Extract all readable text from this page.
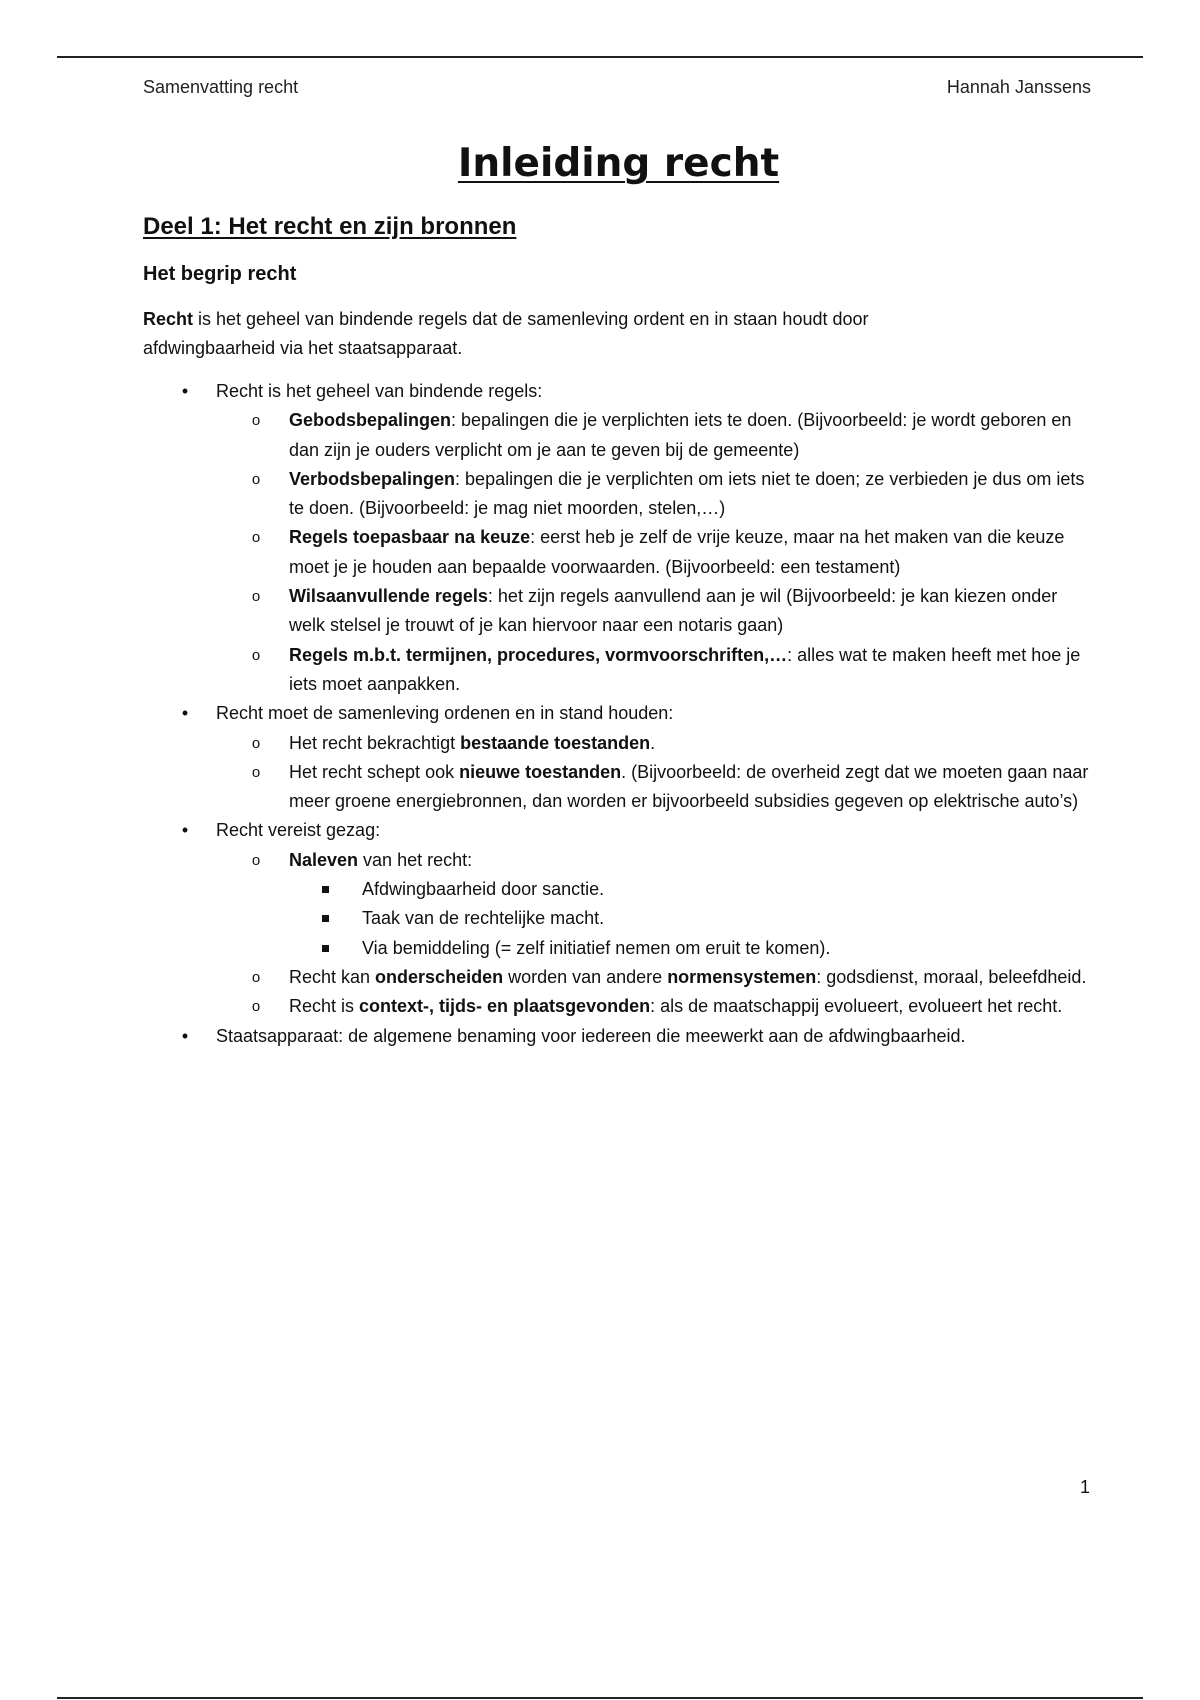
Samenvatting recht	Hannah Janssens
Inleiding recht
Deel 1: Het recht en zijn bronnen
Het begrip recht

Recht is het geheel van bindende regels dat de samenleving ordent en in staan houdt door afdwingbaarheid via het staatsapparaat.

• Recht is het geheel van bindende regels:
o Gebodsbepalingen: bepalingen die je verplichten iets te doen. (Bijvoorbeeld: je wordt geboren en dan zijn je ouders verplicht om je aan te geven bij de gemeente)
o Verbodsbepalingen: bepalingen die je verplichten om iets niet te doen; ze verbieden je dus om iets te doen. (Bijvoorbeeld: je mag niet moorden, stelen,…)
o Regels toepasbaar na keuze: eerst heb je zelf de vrije keuze, maar na het maken van die keuze moet je je houden aan bepaalde voorwaarden. (Bijvoorbeeld: een testament)
o Wilsaanvullende regels: het zijn regels aanvullend aan je wil (Bijvoorbeeld: je kan kiezen onder welk stelsel je trouwt of je kan hiervoor naar een notaris gaan)
o Regels m.b.t. termijnen, procedures, vormvoorschriften,…: alles wat te maken heeft met hoe je iets moet aanpakken.
• Recht moet de samenleving ordenen en in stand houden:
o Het recht bekrachtigt bestaande toestanden.
o Het recht schept ook nieuwe toestanden. (Bijvoorbeeld: de overheid zegt dat we moeten gaan naar meer groene energiebronnen, dan worden er bijvoorbeeld subsidies gegeven op elektrische auto’s)
• Recht vereist gezag:
o Naleven van het recht:
Afdwingbaarheid door sanctie.
Taak van de rechtelijke macht.
Via bemiddeling (= zelf initiatief nemen om eruit te komen).
o Recht kan onderscheiden worden van andere normensystemen: godsdienst, moraal, beleefdheid.
o Recht is context-, tijds- en plaatsgevonden: als de maatschappij evolueert, evolueert het recht.
• Staatsapparaat: de algemene benaming voor iedereen die meewerkt aan de afdwingbaarheid.
1
